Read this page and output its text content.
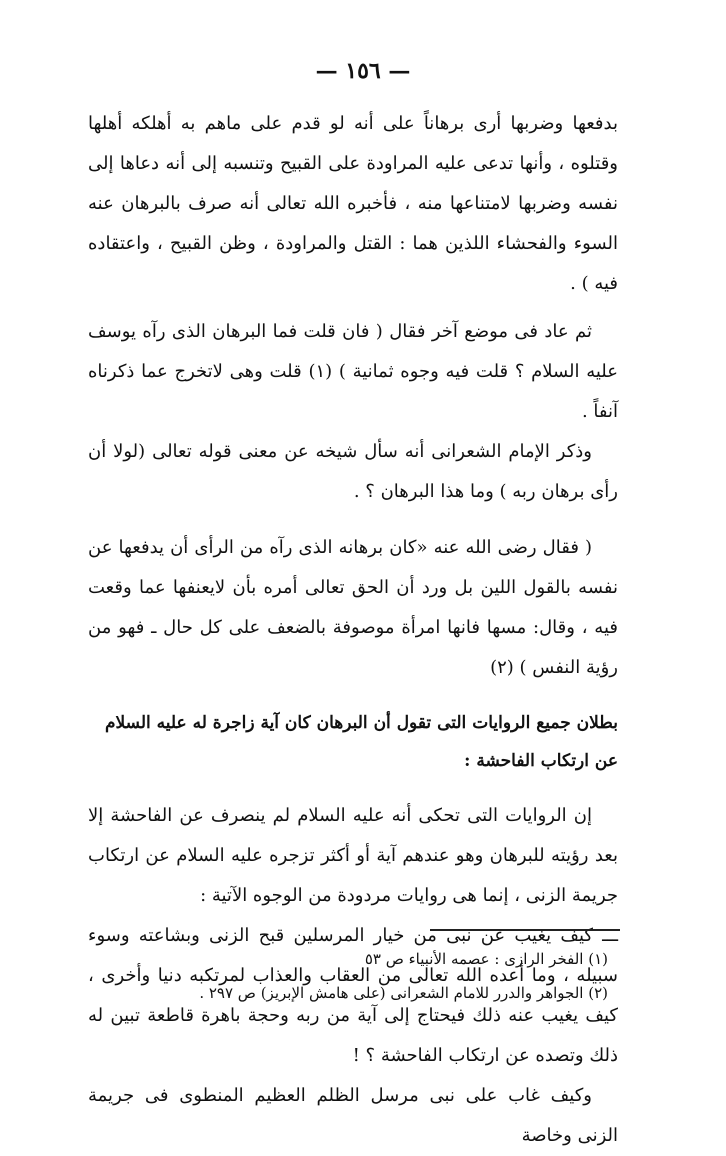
— ١٥٦ —

بدفعها وضربها أرى برهاناً على أنه لو قدم على ماهم به أهلكه أهلها وقتلوه ، وأنها تدعى عليه المراودة على القبيح وتنسبه إلى أنه دعاها إلى نفسه وضربها لامتناعها منه ، فأخبره الله تعالى أنه صرف بالبرهان عنه السوء والفحشاء اللذين هما : القتل والمراودة ، وظن القبيح ، واعتقاده فيه ) .

ثم عاد فى موضع آخر فقال ( فان قلت فما البرهان الذى رآه يوسف عليه السلام ؟ قلت فيه وجوه ثمانية ) (١) قلت وهى لاتخرج عما ذكرناه آنفاً .

وذكر الإمام الشعرانى أنه سأل شيخه عن معنى قوله تعالى (لولا أن رأى برهان ربه ) وما هذا البرهان ؟ .

( فقال رضى الله عنه «كان برهانه الذى رآه من الرأى أن يدفعها عن نفسه بالقول اللين بل ورد أن الحق تعالى أمره بأن لايعنفها عما وقعت فيه ، وقال: مسها فانها امرأة موصوفة بالضعف على كل حال ـ فهو من رؤية النفس ) (٢)

بطلان جميع الروايات التى تقول أن البرهان كان آية زاجرة له عليه السلام عن ارتكاب الفاحشة :

إن الروايات التى تحكى أنه عليه السلام لم ينصرف عن الفاحشة إلا بعد رؤيته للبرهان وهو عندهم آية أو أكثر تزجره عليه السلام عن ارتكاب جريمة الزنى ، إنما هى روايات مردودة من الوجوه الآتية :

ـــ كيف يغيب عن نبى من خيار المرسلين قبح الزنى وبشاعته وسوء سبيله ، وما أعده الله تعالى من العقاب والعذاب لمرتكبه دنيا وأخرى ، كيف يغيب عنه ذلك فيحتاج إلى آية من ربه وحجة باهرة قاطعة تبين له ذلك وتصده عن ارتكاب الفاحشة ؟ !

وكيف غاب على نبى مرسل الظلم العظيم المنطوى فى جريمة الزنى وخاصة

(١) الفخر الرازى : عصمه الأنبياء ص ٥٣

(٢) الجواهر والدرر للامام الشعرانى (على هامش الإبريز) ص ٢٩٧ .
